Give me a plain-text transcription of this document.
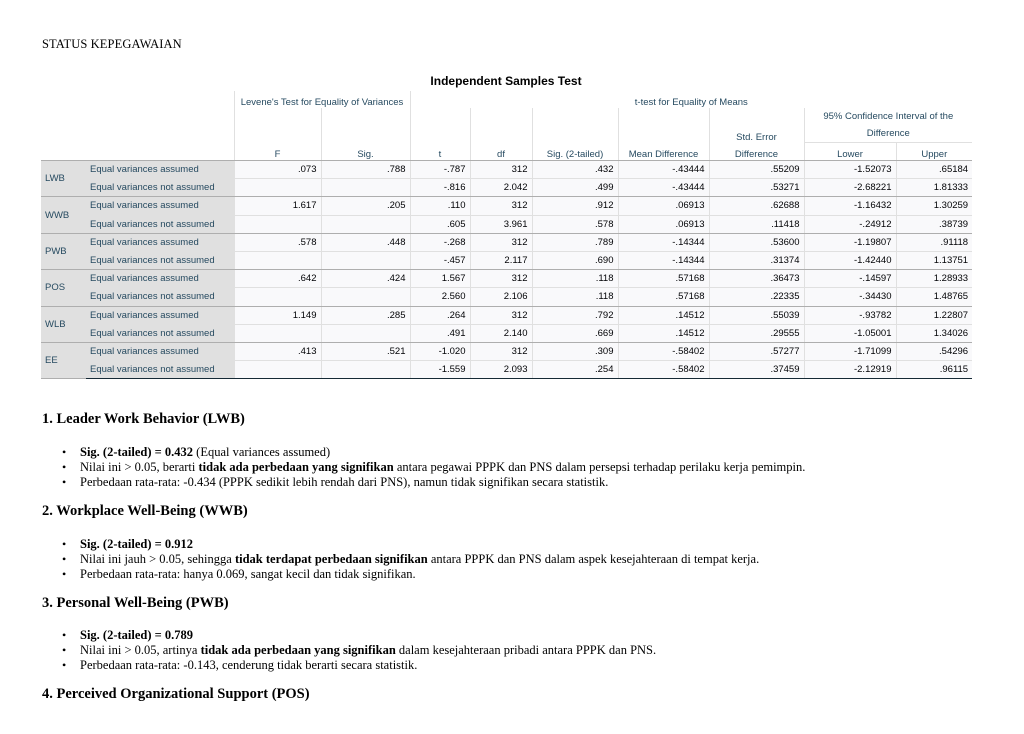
STATUS KEPEGAWAIAN
Independent Samples Test
		Levene's Test for Equality of Variances		t-test for Equality of Means						
									95% Confidence Interval of the Difference	
								Std. Error		
		F	Sig.	t	df	Sig. (2-tailed)	Mean Difference	Difference	Lower	Upper
LWB	Equal variances assumed	.073	.788	-.787	312	.432	-.43444	.55209	-1.52073	.65184
	Equal variances not assumed			-.816	2.042	.499	-.43444	.53271	-2.68221	1.81333
WWB	Equal variances assumed	1.617	.205	.110	312	.912	.06913	.62688	-1.16432	1.30259
	Equal variances not assumed			.605	3.961	.578	.06913	.11418	-.24912	.38739
PWB	Equal variances assumed	.578	.448	-.268	312	.789	-.14344	.53600	-1.19807	.91118
	Equal variances not assumed			-.457	2.117	.690	-.14344	.31374	-1.42440	1.13751
POS	Equal variances assumed	.642	.424	1.567	312	.118	.57168	.36473	-.14597	1.28933
	Equal variances not assumed			2.560	2.106	.118	.57168	.22335	-.34430	1.48765
WLB	Equal variances assumed	1.149	.285	.264	312	.792	.14512	.55039	-.93782	1.22807
	Equal variances not assumed			.491	2.140	.669	.14512	.29555	-1.05001	1.34026
EE	Equal variances assumed	.413	.521	-1.020	312	.309	-.58402	.57277	-1.71099	.54296
	Equal variances not assumed			-1.559	2.093	.254	-.58402	.37459	-2.12919	.96115
1. Leader Work Behavior (LWB)
• Sig. (2-tailed) = 0.432 (Equal variances assumed)
• Nilai ini > 0.05, berarti tidak ada perbedaan yang signifikan antara pegawai PPPK dan PNS dalam persepsi terhadap perilaku kerja pemimpin.
• Perbedaan rata-rata: -0.434 (PPPK sedikit lebih rendah dari PNS), namun tidak signifikan secara statistik.
2. Workplace Well-Being (WWB)
• Sig. (2-tailed) = 0.912
• Nilai ini jauh > 0.05, sehingga tidak terdapat perbedaan signifikan antara PPPK dan PNS dalam aspek kesejahteraan di tempat kerja.
• Perbedaan rata-rata: hanya 0.069, sangat kecil dan tidak signifikan.
3. Personal Well-Being (PWB)
• Sig. (2-tailed) = 0.789
• Nilai ini > 0.05, artinya tidak ada perbedaan yang signifikan dalam kesejahteraan pribadi antara PPPK dan PNS.
• Perbedaan rata-rata: -0.143, cenderung tidak berarti secara statistik.
4. Perceived Organizational Support (POS)
